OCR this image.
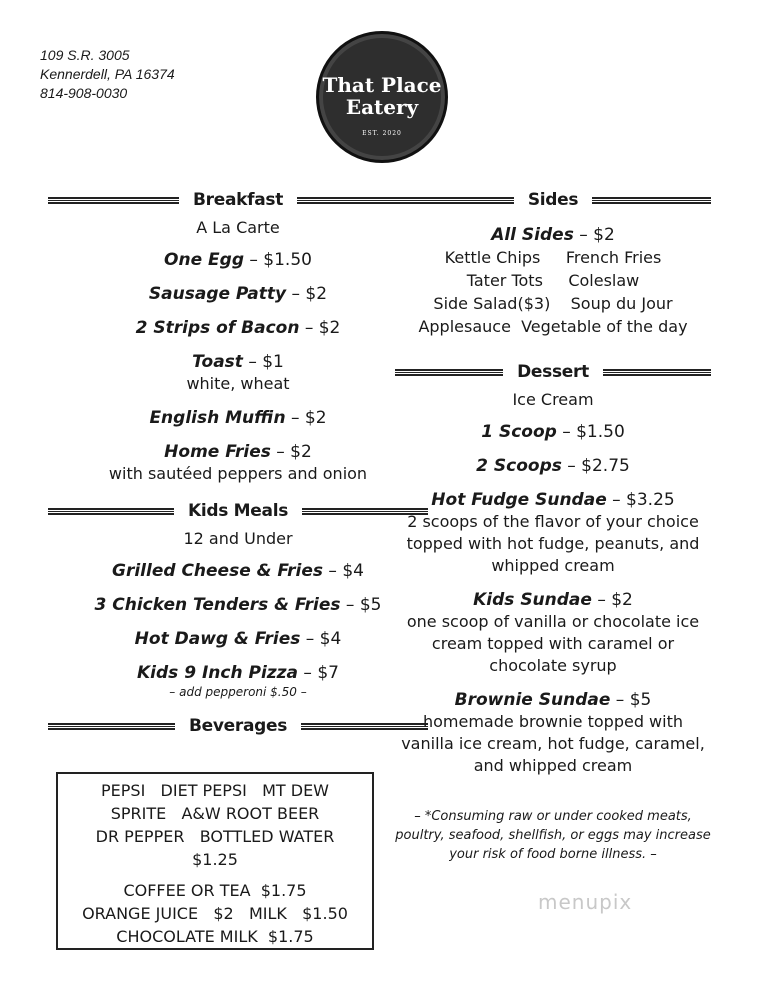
109 S.R. 3005
Kennerdell, PA 16374
814-908-0030	That Place
Eatery
EST. 2020
Breakfast
A La Carte
One Egg – $1.50
Sausage Patty – $2
2 Strips of Bacon – $2
Toast – $1
white, wheat
English Muffin – $2
Home Fries – $2
with sautéed peppers and onion
Kids Meals
12 and Under
Grilled Cheese & Fries – $4
3 Chicken Tenders & Fries – $5
Hot Dawg & Fries – $4
Kids 9 Inch Pizza – $7
– add pepperoni $.50 –
Beverages
PEPSI   DIET PEPSI   MT DEW
SPRITE   A&W ROOT BEER
DR PEPPER   BOTTLED WATER
$1.25
COFFEE OR TEA  $1.75
ORANGE JUICE   $2   MILK   $1.50
CHOCOLATE MILK  $1.75
Sides
All Sides – $2
Kettle Chips     French Fries
Tater Tots     Coleslaw
Side Salad($3)    Soup du Jour
Applesauce  Vegetable of the day
Dessert
Ice Cream
1 Scoop – $1.50
2 Scoops – $2.75
Hot Fudge Sundae – $3.25
2 scoops of the flavor of your choice topped with hot fudge, peanuts, and whipped cream
Kids Sundae – $2
one scoop of vanilla or chocolate ice cream topped with caramel or chocolate syrup
Brownie Sundae – $5
homemade brownie topped with vanilla ice cream, hot fudge, caramel, and whipped cream
– *Consuming raw or under cooked meats, poultry, seafood, shellfish, or eggs may increase your risk of food borne illness. –
menupix
